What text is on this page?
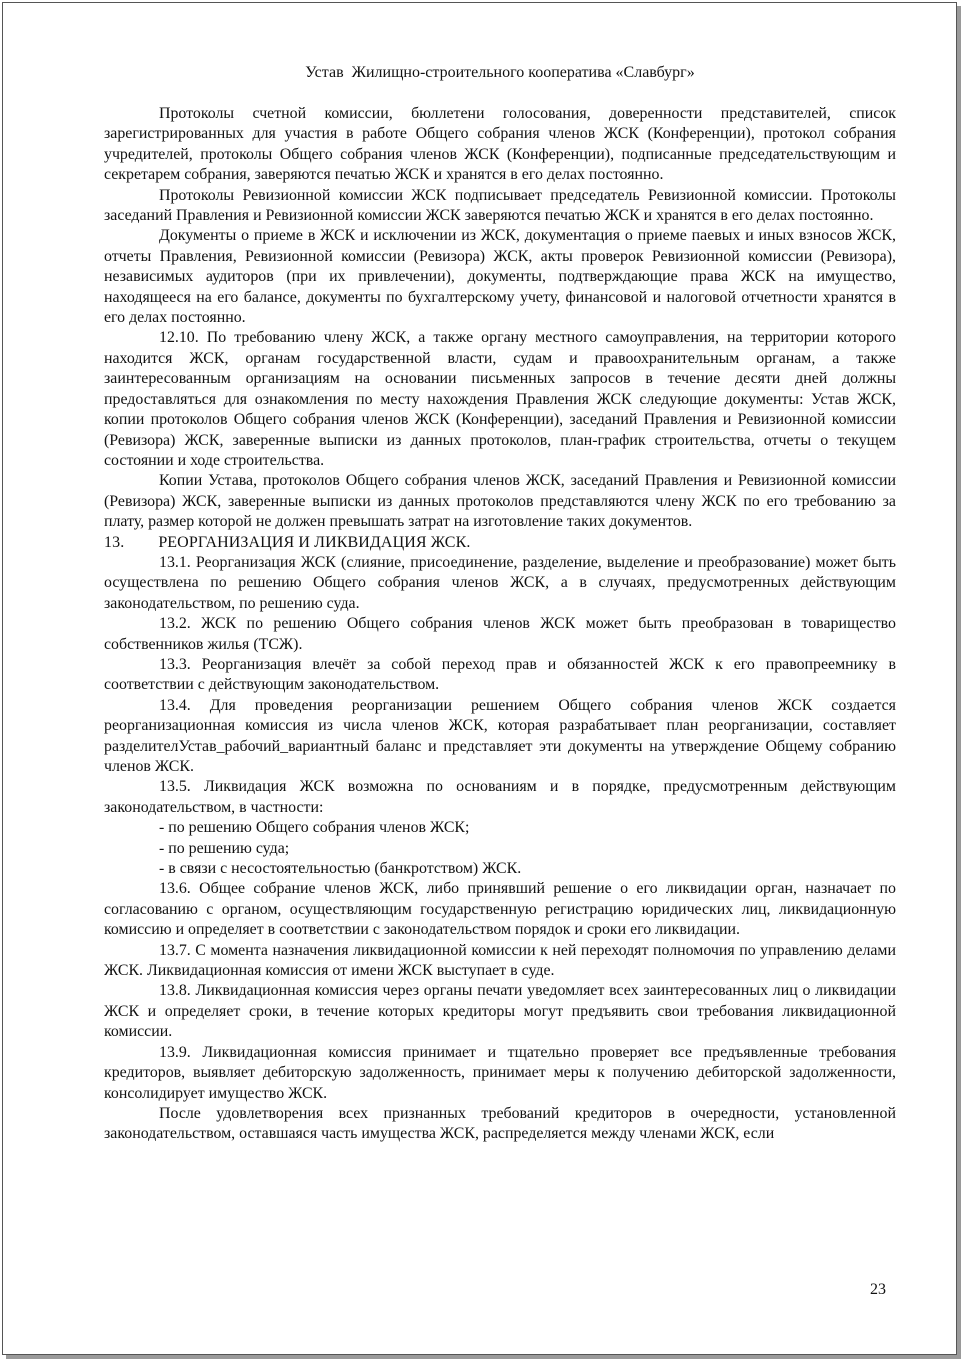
Устав  Жилищно-строительного кооператива «Славбург»

Протоколы счетной комиссии, бюллетени голосования, доверенности представителей, список зарегистрированных для участия в работе Общего собрания членов ЖСК (Конференции), протокол собрания учредителей, протоколы Общего собрания членов ЖСК (Конференции), подписанные председательствующим и секретарем собрания, заверяются печатью ЖСК и хранятся в его делах постоянно.

Протоколы Ревизионной комиссии ЖСК подписывает председатель Ревизионной комиссии. Протоколы заседаний Правления и Ревизионной комиссии ЖСК заверяются печатью ЖСК и хранятся в его делах постоянно.

Документы о приеме в ЖСК и исключении из ЖСК, документация о приеме паевых и иных взносов ЖСК, отчеты Правления, Ревизионной комиссии (Ревизора) ЖСК, акты проверок Ревизионной комиссии (Ревизора), независимых аудиторов (при их привлечении), документы, подтверждающие права ЖСК на имущество, находящееся на его балансе, документы по бухгалтерскому учету, финансовой и налоговой отчетности хранятся в его делах постоянно.

12.10. По требованию члену ЖСК, а также органу местного самоуправления, на территории которого находится ЖСК, органам государственной власти, судам и правоохранительным органам, а также заинтересованным организациям на основании письменных запросов в течение десяти дней должны предоставляться для ознакомления по месту нахождения Правления ЖСК следующие документы: Устав ЖСК, копии протоколов Общего собрания членов ЖСК (Конференции), заседаний Правления и Ревизионной комиссии (Ревизора) ЖСК, заверенные выписки из данных протоколов, план-график строительства, отчеты о текущем состоянии и ходе строительства.

Копии Устава, протоколов Общего собрания членов ЖСК, заседаний Правления и Ревизионной комиссии (Ревизора) ЖСК, заверенные выписки из данных протоколов представляются члену ЖСК по его требованию за плату, размер которой не должен превышать затрат на изготовление таких документов.

13. РЕОРГАНИЗАЦИЯ И ЛИКВИДАЦИЯ ЖСК.

13.1. Реорганизация ЖСК (слияние, присоединение, разделение, выделение и преобразование) может быть осуществлена по решению Общего собрания членов ЖСК, а в случаях, предусмотренных действующим законодательством, по решению суда.

13.2. ЖСК по решению Общего собрания членов ЖСК может быть преобразован в товарищество собственников жилья (ТСЖ).

13.3. Реорганизация влечёт за собой переход прав и обязанностей ЖСК к его правопреемнику в соответствии с действующим законодательством.

13.4. Для проведения реорганизации решением Общего собрания членов ЖСК создается реорганизационная комиссия из числа членов ЖСК, которая разрабатывает план реорганизации, составляет разделителУстав_рабочий_вариантный баланс и представляет эти документы на утверждение Общему собранию членов ЖСК.

13.5. Ликвидация ЖСК возможна по основаниям и в порядке, предусмотренным действующим законодательством, в частности:

- по решению Общего собрания членов ЖСК;

- по решению суда;

- в связи с несостоятельностью (банкротством) ЖСК.

13.6. Общее собрание членов ЖСК, либо принявший решение о его ликвидации орган, назначает по согласованию с органом, осуществляющим государственную регистрацию юридических лиц, ликвидационную комиссию и определяет в соответствии с законодательством порядок и сроки его ликвидации.

13.7. С момента назначения ликвидационной комиссии к ней переходят полномочия по управлению делами ЖСК. Ликвидационная комиссия от имени ЖСК выступает в суде.

13.8. Ликвидационная комиссия через органы печати уведомляет всех заинтересованных лиц о ликвидации ЖСК и определяет сроки, в течение которых кредиторы могут предъявить свои требования ликвидационной комиссии.

13.9. Ликвидационная комиссия принимает и тщательно проверяет все предъявленные требования кредиторов, выявляет дебиторскую задолженность, принимает меры к получению дебиторской задолженности, консолидирует имущество ЖСК.

После удовлетворения всех признанных требований кредиторов в очередности, установленной законодательством, оставшаяся часть имущества ЖСК, распределяется между членами ЖСК, если

23
